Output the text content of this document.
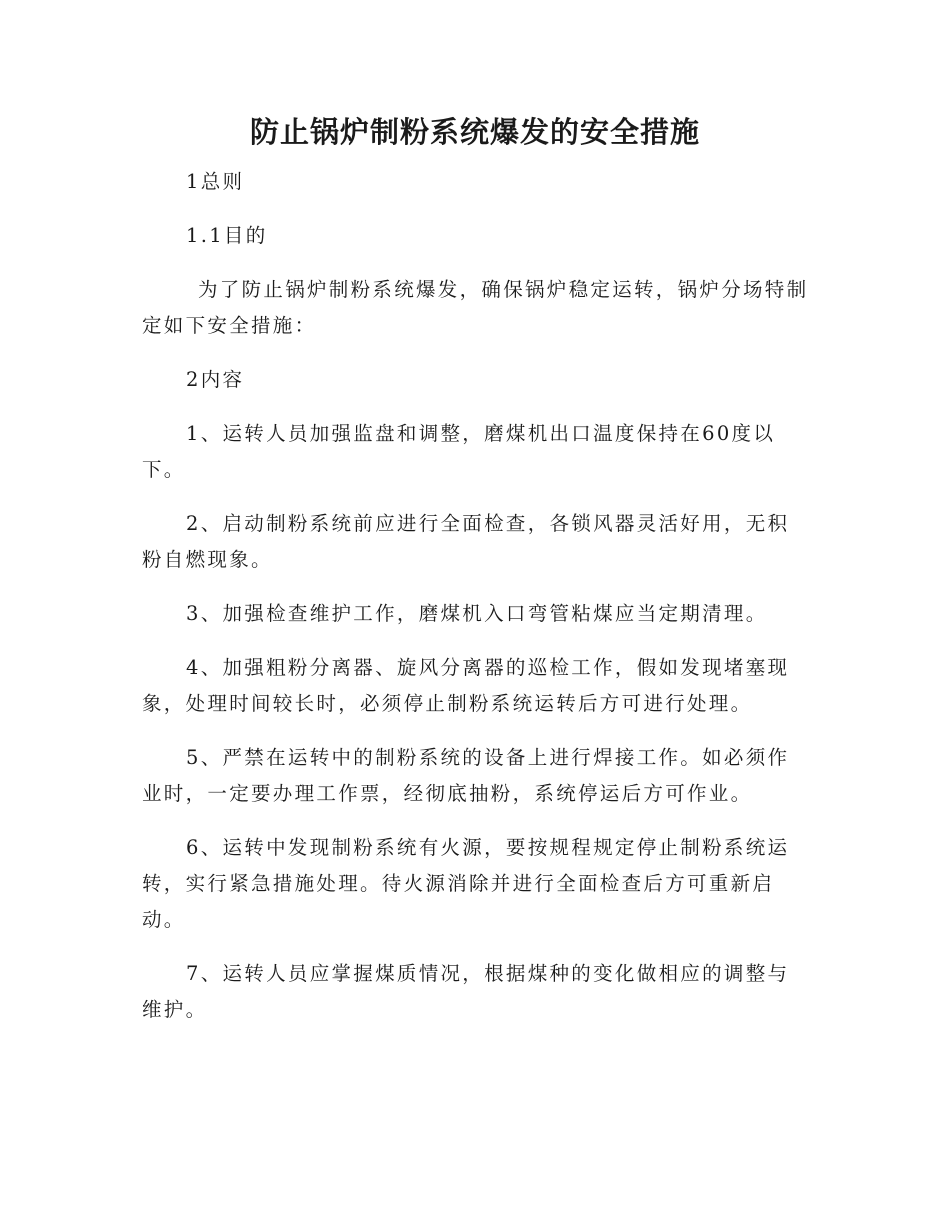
防止锅炉制粉系统爆发的安全措施

1总则

1.1目的

为了防止锅炉制粉系统爆发，确保锅炉稳定运转，锅炉分场特制定如下安全措施：

2内容

1、运转人员加强监盘和调整，磨煤机出口温度保持在60度以下。

2、启动制粉系统前应进行全面检查，各锁风器灵活好用，无积粉自燃现象。

3、加强检查维护工作，磨煤机入口弯管粘煤应当定期清理。

4、加强粗粉分离器、旋风分离器的巡检工作，假如发现堵塞现象，处理时间较长时，必须停止制粉系统运转后方可进行处理。

5、严禁在运转中的制粉系统的设备上进行焊接工作。如必须作业时，一定要办理工作票，经彻底抽粉，系统停运后方可作业。

6、运转中发现制粉系统有火源，要按规程规定停止制粉系统运转，实行紧急措施处理。待火源消除并进行全面检查后方可重新启动。

7、运转人员应掌握煤质情况，根据煤种的变化做相应的调整与维护。
